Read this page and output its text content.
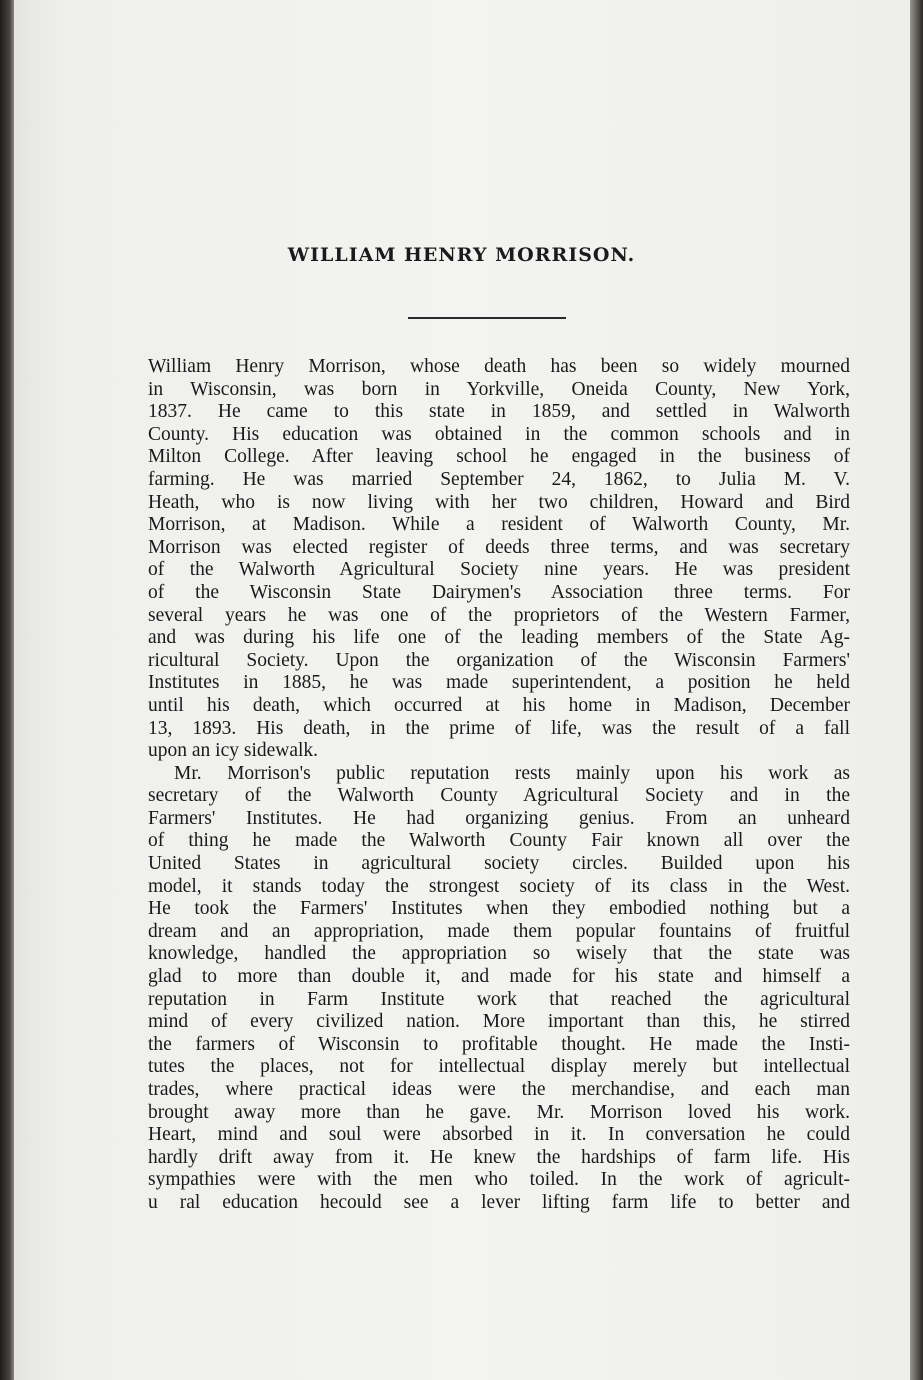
WILLIAM HENRY MORRISON.
William Henry Morrison, whose death has been so widely mourned
in Wisconsin, was born in Yorkville, Oneida County, New York,
1837. He came to this state in 1859, and settled in Walworth
County. His education was obtained in the common schools and in
Milton College. After leaving school he engaged in the business of
farming. He was married September 24, 1862, to Julia M. V.
Heath, who is now living with her two children, Howard and Bird
Morrison, at Madison. While a resident of Walworth County, Mr.
Morrison was elected register of deeds three terms, and was secretary
of the Walworth Agricultural Society nine years. He was president
of the Wisconsin State Dairymen's Association three terms. For
several years he was one of the proprietors of the Western Farmer,
and was during his life one of the leading members of the State Ag-
ricultural Society. Upon the organization of the Wisconsin Farmers'
Institutes in 1885, he was made superintendent, a position he held
until his death, which occurred at his home in Madison, December
13, 1893. His death, in the prime of life, was the result of a fall
upon an icy sidewalk.
Mr. Morrison's public reputation rests mainly upon his work as
secretary of the Walworth County Agricultural Society and in the
Farmers' Institutes. He had organizing genius. From an unheard
of thing he made the Walworth County Fair known all over the
United States in agricultural society circles. Builded upon his
model, it stands today the strongest society of its class in the West.
He took the Farmers' Institutes when they embodied nothing but a
dream and an appropriation, made them popular fountains of fruitful
knowledge, handled the appropriation so wisely that the state was
glad to more than double it, and made for his state and himself a
reputation in Farm Institute work that reached the agricultural
mind of every civilized nation. More important than this, he stirred
the farmers of Wisconsin to profitable thought. He made the Insti-
tutes the places, not for intellectual display merely but intellectual
trades, where practical ideas were the merchandise, and each man
brought away more than he gave. Mr. Morrison loved his work.
Heart, mind and soul were absorbed in it. In conversation he could
hardly drift away from it. He knew the hardships of farm life. His
sympathies were with the men who toiled. In the work of agricult-
u ral education hecould see a lever lifting farm life to better and
